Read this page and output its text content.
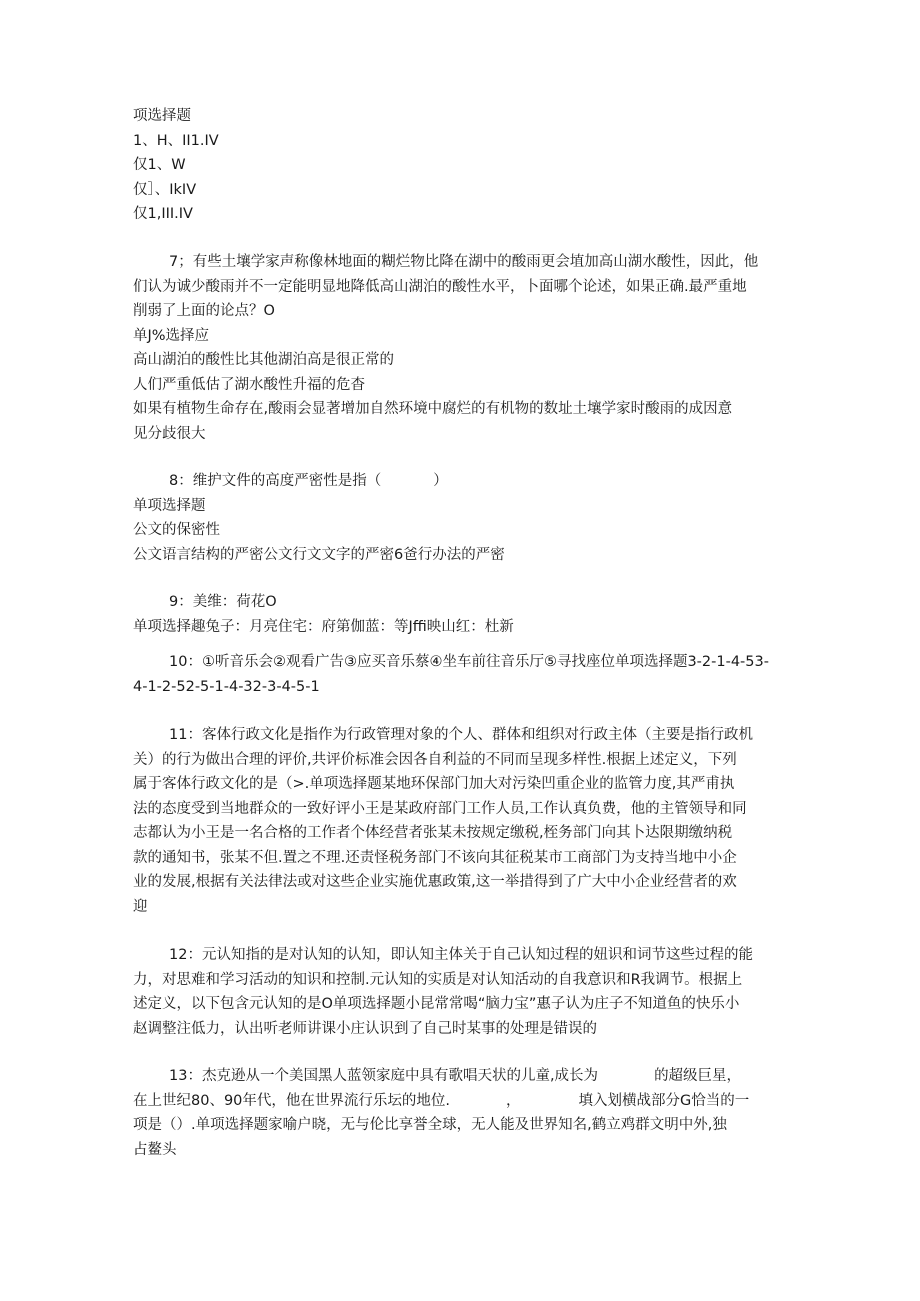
项选择题
1、H、II1.IV
仅1、W
仅］、IkIV
仅1,III.IV
7；有些土壤学家声称像林地面的糊烂物比降在湖中的酸雨更会埴加高山湖水酸性，因此，他
们认为诚少酸雨并不一定能明显地降低高山湖泊的酸性水平，卜面哪个论述，如果正确.最严重地
削弱了上面的论点？O
单J%选择应
高山湖泊的酸性比其他湖泊高是很正常的
人们严重低估了湖水酸性升福的危杳
如果有植物生命存在,酸雨会显著增加自然环境中腐烂的有机物的数址土壤学家时酸雨的成因意
见分歧很大
8：维护文件的高度严密性是指（	）
单项选择题
公文的保密性
公文语言结构的严密公文行文文字的严密6爸行办法的严密
9：美维：荷花O
单项选择趣兔子：月亮住宅：府第伽蓝：等Jffi映山红：杜新
10：①听音乐会②观看广告③应买音乐蔡④坐车前往音乐厅⑤寻找座位单项选择题3-2-1-4-53-
4-1-2-52-5-1-4-32-3-4-5-1
11：客体行政文化是指作为行政管理对象的个人、群体和组织对行政主体（主要是指行政机
关）的行为做出合理的评价,共评价标准会因各自利益的不同而呈现多样性.根据上述定义，下列
属于客体行政文化的是（>.单项选择题某地环保部门加大对污染凹重企业的监管力度,其严甫执
法的态度受到当地群众的一致好评小王是某政府部门工作人员,工作认真负费，他的主管领导和同
志都认为小王是一名合格的工作者个体经营者张某未按规定缴税,桎务部门向其卜达限期缴纳税
款的通知书，张某不但.置之不理.还责怪税务部门不该向其征税某市工商部门为支持当地中小企
业的发展,根据有关法律法或对这些企业实施优惠政策,这一举措得到了广大中小企业经营者的欢
迎
12：元认知指的是对认知的认知，即认知主体关于自己认知过程的妞识和词节这些过程的能
力，对思难和学习活动的知识和控制.元认知的实质是对认知活动的自我意识和R我调节。根据上
述定义，以下包含元认知的是O单项选择题小昆常常喝“脑力宝”惠子认为庄子不知道鱼的快乐小
赵调整注低力，认出听老师讲课小庄认识到了自己时某事的处理是错误的
13：杰克逊从一个美国黑人蓝领家庭中具有歌唱天状的儿童,成长为	的超级巨星，
在上世纪80、90年代，他在世界流行乐坛的地位.	，	填入划横战部分G恰当的一
项是（）.单项选择题家喻户晓，无与伦比享誉全球，无人能及世界知名,鹤立鸡群文明中外,独
占鳌头
